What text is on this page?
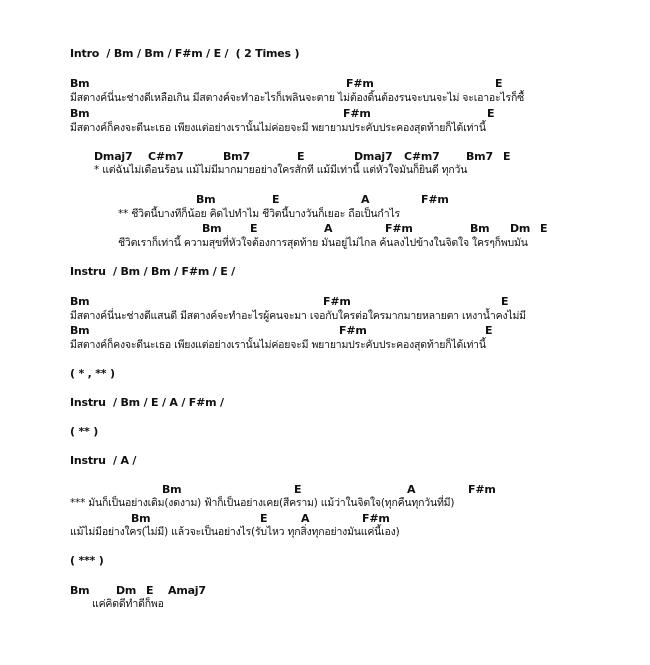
Intro  / Bm / Bm / F#m / E /  ( 2 Times )
Bm	F#m	E
มีสตางค์นี่นะช่างดีเหลือเกิน มีสตางค์จะทำอะไรก็เพลินจะตาย ไม่ต้องดิ้นต้องรนจะบนจะไม่ จะเอาอะไรก็ซื้
Bm	F#m	E
มีสตางค์ก็คงจะดีนะเธอ เพียงแต่อย่างเรานั้นไม่ค่อยจะมี พยายามประคับประคองสุดท้ายก็ได้เท่านี้
Dmaj7 C#m7	Bm7	E	Dmaj7 C#m7 Bm7 E
* แต่ฉันไม่เดือนร้อน แม้ไม่มีมากมายอย่างใครสักที แม้มีเท่านี้ แต่หัวใจมันก็ยินดี ทุกวัน
Bm	E	A	F#m
** ชีวิตนี้บางทีก็น้อย คิดไปทำไม ชีวิตนี้บางวันก็เยอะ ถือเป็นกำไร
Bm	E	A	F#m	Bm Dm E
ชีวิตเราก็เท่านี้ ความสุขที่หัวใจต้องการสุดท้าย มันอยู่ไม่ไกล ค้นลงไปข้างในจิตใจ ใครๆก็พบมัน
Instru  / Bm / Bm / F#m / E /
Bm	F#m	E
มีสตางค์นี่นะช่างดีแสนดี มีสตางค์จะทำอะไรผู้คนจะมา เจอกับใครต่อใครมากมายหลายตา เหงาน้ำคงไม่มี
Bm	F#m	E
มีสตางค์ก็คงจะดีนะเธอ เพียงแต่อย่างเรานั้นไม่ค่อยจะมี พยายามประคับประคองสุดท้ายก็ได้เท่านี้
( * , ** )
Instru  / Bm / E / A / F#m /
( ** )
Instru  / A /
Bm	E	A	F#m
*** มันก็เป็นอย่างเดิม(งดงาม) ฟ้าก็เป็นอย่างเคย(สีคราม) แม้ว่าในจิตใจ(ทุกคืนทุกวันที่มี)
Bm	E	A	F#m
แม้ไม่มีอย่างใคร(ไม่มี) แล้วจะเป็นอย่างไร(รับไหว ทุกสิ่งทุกอย่างมันแค่นี้เอง)
( *** )
Bm Dm E Amaj7
แค่คิดดีทำดีก็พอ
